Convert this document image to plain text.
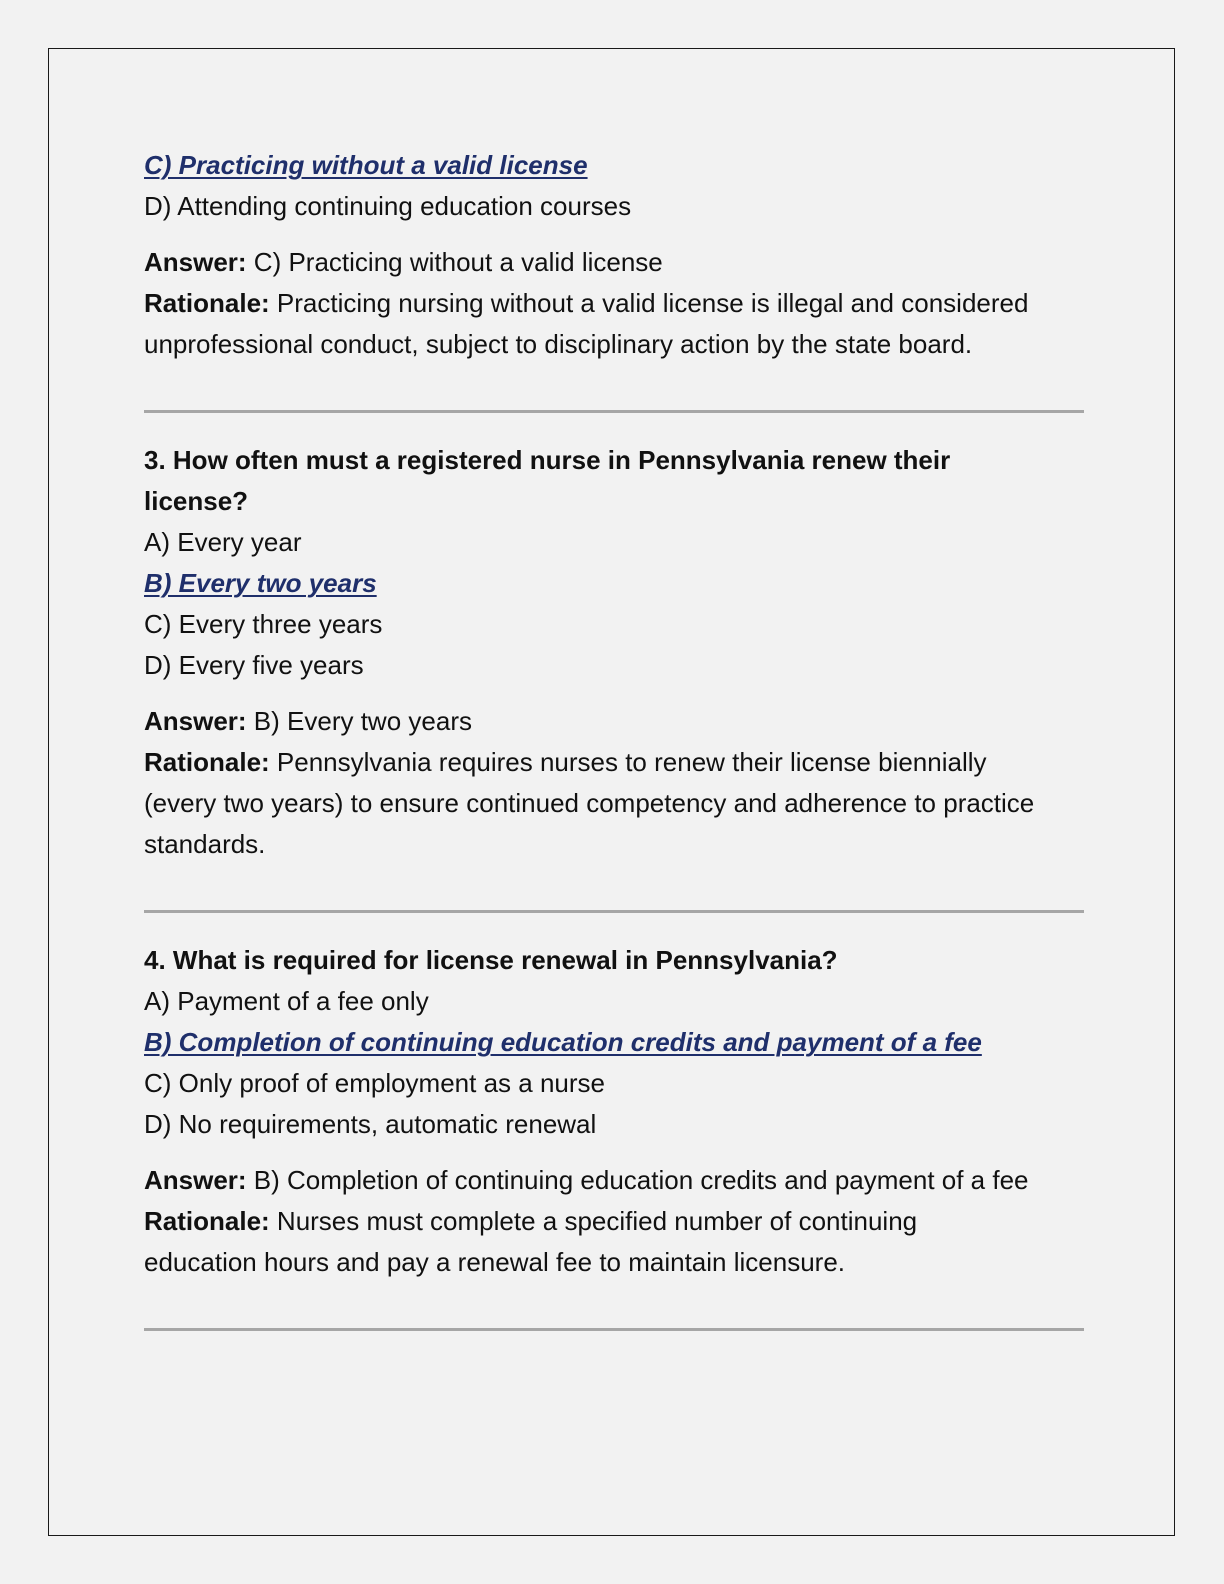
C) Practicing without a valid license
D) Attending continuing education courses

Answer: C) Practicing without a valid license

Rationale: Practicing nursing without a valid license is illegal and considered unprofessional conduct, subject to disciplinary action by the state board.

3. How often must a registered nurse in Pennsylvania renew their license?

A) Every year
B) Every two years
C) Every three years
D) Every five years

Answer: B) Every two years

Rationale: Pennsylvania requires nurses to renew their license biennially (every two years) to ensure continued competency and adherence to practice standards.

4. What is required for license renewal in Pennsylvania?

A) Payment of a fee only
B) Completion of continuing education credits and payment of a fee
C) Only proof of employment as a nurse
D) No requirements, automatic renewal

Answer: B) Completion of continuing education credits and payment of a fee

Rationale: Nurses must complete a specified number of continuing education hours and pay a renewal fee to maintain licensure.
